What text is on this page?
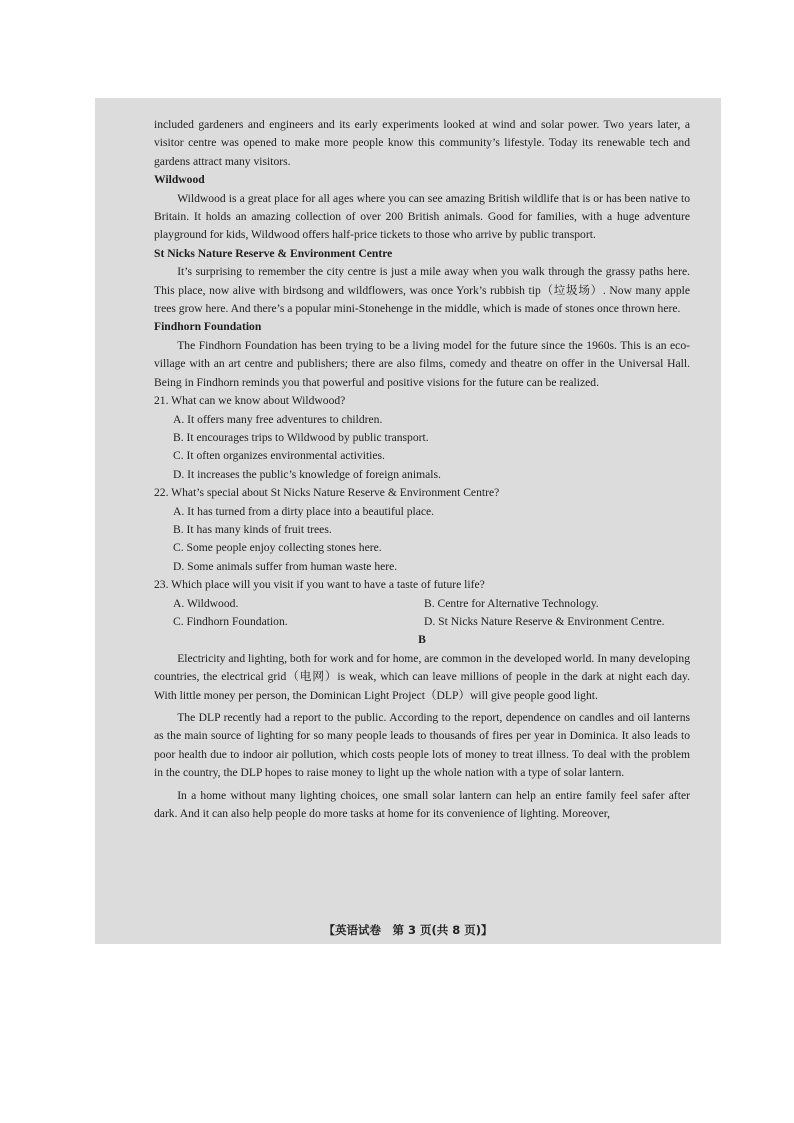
included gardeners and engineers and its early experiments looked at wind and solar power. Two years later, a visitor centre was opened to make more people know this community’s lifestyle. Today its renewable tech and gardens attract many visitors.

Wildwood

Wildwood is a great place for all ages where you can see amazing British wildlife that is or has been native to Britain. It holds an amazing collection of over 200 British animals. Good for families, with a huge adventure playground for kids, Wildwood offers half-price tickets to those who arrive by public transport.

St Nicks Nature Reserve & Environment Centre

It’s surprising to remember the city centre is just a mile away when you walk through the grassy paths here. This place, now alive with birdsong and wildflowers, was once York’s rubbish tip（垃圾场）. Now many apple trees grow here. And there’s a popular mini-Stonehenge in the middle, which is made of stones once thrown here.

Findhorn Foundation

The Findhorn Foundation has been trying to be a living model for the future since the 1960s. This is an eco-village with an art centre and publishers; there are also films, comedy and theatre on offer in the Universal Hall. Being in Findhorn reminds you that powerful and positive visions for the future can be realized.

21. What can we know about Wildwood?

A. It offers many free adventures to children.

B. It encourages trips to Wildwood by public transport.

C. It often organizes environmental activities.

D. It increases the public’s knowledge of foreign animals.

22. What’s special about St Nicks Nature Reserve & Environment Centre?

A. It has turned from a dirty place into a beautiful place.

B. It has many kinds of fruit trees.

C. Some people enjoy collecting stones here.

D. Some animals suffer from human waste here.

23. Which place will you visit if you want to have a taste of future life?

A. Wildwood.	B. Centre for Alternative Technology.
C. Findhorn Foundation.	D. St Nicks Nature Reserve & Environment Centre.

B

Electricity and lighting, both for work and for home, are common in the developed world. In many developing countries, the electrical grid（电网）is weak, which can leave millions of people in the dark at night each day. With little money per person, the Dominican Light Project（DLP）will give people good light.

The DLP recently had a report to the public. According to the report, dependence on candles and oil lanterns as the main source of lighting for so many people leads to thousands of fires per year in Dominica. It also leads to poor health due to indoor air pollution, which costs people lots of money to treat illness. To deal with the problem in the country, the DLP hopes to raise money to light up the whole nation with a type of solar lantern.

In a home without many lighting choices, one small solar lantern can help an entire family feel safer after dark. And it can also help people do more tasks at home for its convenience of lighting. Moreover,

【英语试卷　第 3 页(共 8 页)】
